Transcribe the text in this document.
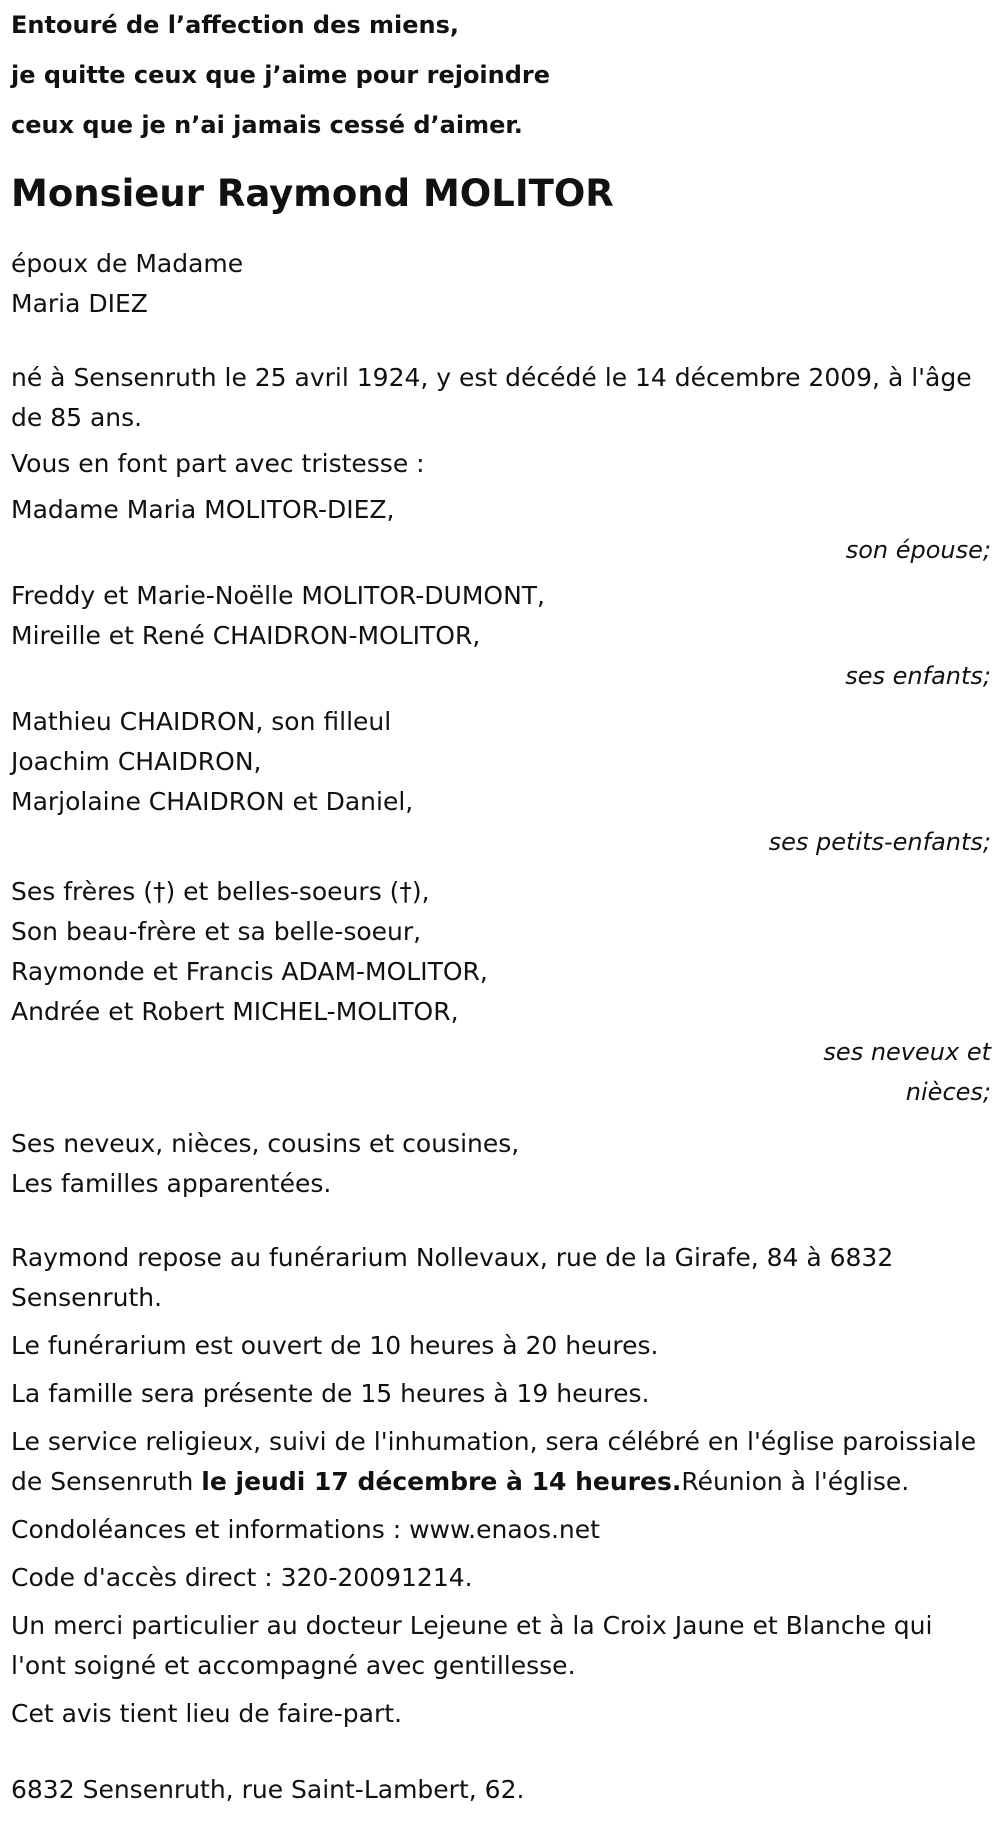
Entouré de l’affection des miens,
je quitte ceux que j’aime pour rejoindre
ceux que je n’ai jamais cessé d’aimer.
Monsieur Raymond MOLITOR
époux de Madame
Maria DIEZ

né à Sensenruth le 25 avril 1924, y est décédé le 14 décembre 2009, à l'âge de 85 ans.

Vous en font part avec tristesse :

Madame Maria MOLITOR-DIEZ,
son épouse;
Freddy et Marie-Noëlle MOLITOR-DUMONT,
Mireille et René CHAIDRON-MOLITOR,
ses enfants;
Mathieu CHAIDRON, son filleul
Joachim CHAIDRON,
Marjolaine CHAIDRON et Daniel,
ses petits-enfants;
Ses frères (†) et belles-soeurs (†),
Son beau-frère et sa belle-soeur,
Raymonde et Francis ADAM-MOLITOR,
Andrée et Robert MICHEL-MOLITOR,
ses neveux et
nièces;
Ses neveux, nièces, cousins et cousines,
Les familles apparentées.

Raymond repose au funérarium Nollevaux, rue de la Girafe, 84 à 6832 Sensenruth.

Le funérarium est ouvert de 10 heures à 20 heures.

La famille sera présente de 15 heures à 19 heures.

Le service religieux, suivi de l'inhumation, sera célébré en l'église paroissiale de Sensenruth le jeudi 17 décembre à 14 heures.Réunion à l'église.

Condoléances et informations : www.enaos.net

Code d'accès direct : 320-20091214.

Un merci particulier au docteur Lejeune et à la Croix Jaune et Blanche qui l'ont soigné et accompagné avec gentillesse.

Cet avis tient lieu de faire-part.

6832 Sensenruth, rue Saint-Lambert, 62.
